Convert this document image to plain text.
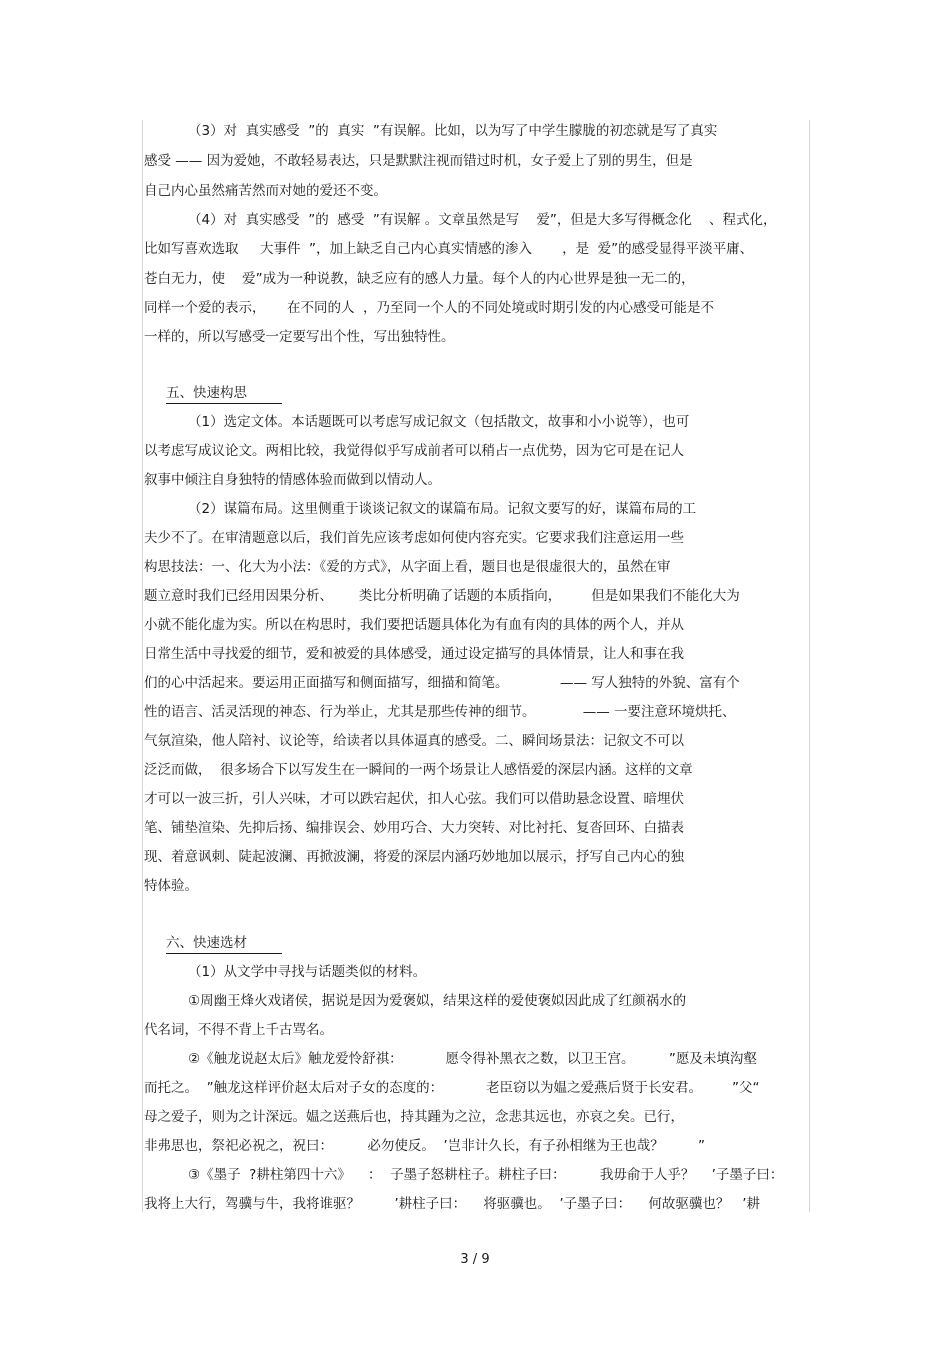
（3）对  真实感受  ”的  真实  ”有误解。比如，以为写了中学生朦胧的初恋就是写了真实
感受 —— 因为爱她，不敢轻易表达，只是默默注视而错过时机，女子爱上了别的男生，但是
自己内心虽然痛苦然而对她的爱还不变。
（4）对  真实感受  ”的  感受  ”有误解 。文章虽然是写    爱”，但是大多写得概念化    、程式化，
比如写喜欢选取     大事件  ”，加上缺乏自己内心真实情感的渗入       ，是  爱”的感受显得平淡平庸、
苍白无力，使    爱”成为一种说教，缺乏应有的感人力量。每个人的内心世界是独一无二的，
同样一个爱的表示，     在不同的人  ，乃至同一个人的不同处境或时期引发的内心感受可能是不
一样的，所以写感受一定要写出个性，写出独特性。
五、快速构思
（1）选定文体。本话题既可以考虑写成记叙文（包括散文，故事和小小说等），也可
以考虑写成议论文。两相比较，我觉得似乎写成前者可以稍占一点优势，因为它可是在记人
叙事中倾注自身独特的情感体验而做到以情动人。
（2）谋篇布局。这里侧重于谈谈记叙文的谋篇布局。记叙文要写的好，谋篇布局的工
夫少不了。在审清题意以后，我们首先应该考虑如何使内容充实。它要求我们注意运用一些
构思技法：一、化大为小法：《爱的方式》，从字面上看，题目也是很虚很大的，虽然在审
题立意时我们已经用因果分析、      类比分析明确了话题的本质指向，       但是如果我们不能化大为
小就不能化虚为实。所以在构思时，我们要把话题具体化为有血有肉的具体的两个人，并从
日常生活中寻找爱的细节，爱和被爱的具体感受，通过设定描写的具体情景，让人和事在我
们的心中活起来。要运用正面描写和侧面描写，细描和简笔。            —— 写人独特的外貌、富有个
性的语言、活灵活现的神态、行为举止，尤其是那些传神的细节。           —— 一要注意环境烘托、
气氛渲染，他人陪衬、议论等，给读者以具体逼真的感受。二、瞬间场景法：记叙文不可以
泛泛而做，  很多场合下以写发生在一瞬间的一两个场景让人感悟爱的深层内涵。这样的文章
才可以一波三折，引人兴味，才可以跌宕起伏，扣人心弦。我们可以借助悬念设置、暗埋伏
笔、铺垫渲染、先抑后扬、编排误会、妙用巧合、大力突转、对比衬托、复沓回环、白描表
现、着意讽刺、陡起波澜、再掀波澜，将爱的深层内涵巧妙地加以展示，抒写自己内心的独
特体验。
六、快速选材
（1）从文学中寻找与话题类似的材料。
①周幽王烽火戏诸侯，据说是因为爱褒姒，结果这样的爱使褒姒因此成了红颜祸水的
代名词，不得不背上千古骂名。
②《触龙说赵太后》触龙爱怜舒祺：          愿令得补黑衣之数，以卫王宫。        ”愿及未填沟壑
而托之。  ”触龙这样评价赵太后对子女的态度的：          老臣窃以为媪之爱燕后贤于长安君。       ”父“
母之爱子，则为之计深远。媪之送燕后也，持其踵为之泣，念悲其远也，亦哀之矣。已行，
非弗思也，祭祀必祝之，祝曰：        必勿使反。  ’岂非计久长，有子孙相继为王也哉？        ”
③《墨子  ?耕柱第四十六》    ：  子墨子怒耕柱子。耕柱子曰：        我毋俞于人乎？    ’子墨子曰：
我将上大行，驾骥与牛，我将谁驱？        ’耕柱子曰：    将驱骥也。  ’子墨子曰：    何故驱骥也？   ’耕
3 / 9
